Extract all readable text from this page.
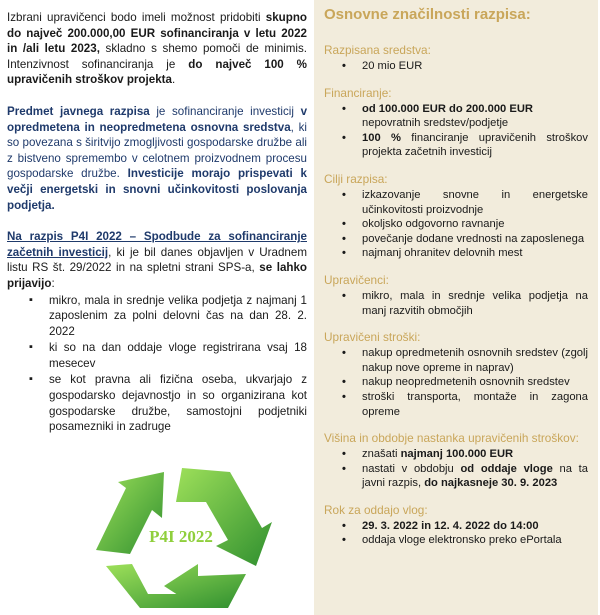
Izbrani upravičenci bodo imeli možnost pridobiti skupno do največ 200.000,00 EUR sofinanciranja v letu 2022 in /ali letu 2023, skladno s shemo pomoči de minimis. Intenzivnost sofinanciranja je do največ 100 % upravičenih stroškov projekta.

Predmet javnega razpisa je sofinanciranje investicij v opredmetena in neopredmetena osnovna sredstva, ki so povezana s širitvijo zmogljivosti gospodarske družbe ali z bistveno spremembo v celotnem proizvodnem procesu gospodarske družbe. Investicije morajo prispevati k večji energetski in snovni učinkovitosti poslovanja podjetja.

Na razpis P4I 2022 – Spodbude za sofinanciranje začetnih investicij, ki je bil danes objavljen v Uradnem listu RS št. 29/2022 in na spletni strani SPS-a, se lahko prijavijo:

▪ mikro, mala in srednje velika podjetja z najmanj 1 zaposlenim za polni delovni čas na dan 28. 2. 2022
▪ ki so na dan oddaje vloge registrirana vsaj 18 mesecev
▪ se kot pravna ali fizična oseba, ukvarjajo z gospodarsko dejavnostjo in so organizirana kot gospodarske družbe, samostojni podjetniki posamezniki in zadruge
P4I 2022
Osnovne značilnosti razpisa:
Razpisana sredstva:
• 20 mio EUR
Financiranje:
• od 100.000 EUR do 200.000 EUR
nepovratnih sredstev/podjetje
• 100 % financiranje upravičenih stroškov projekta začetnih investicij
Cilji razpisa:
• izkazovanje snovne in energetske učinkovitosti proizvodnje
• okoljsko odgovorno ravnanje
• povečanje dodane vrednosti na zaposlenega
• najmanj ohranitev delovnih mest
Upravičenci:
• mikro, mala in srednje velika podjetja na manj razvitih območjih
Upravičeni stroški:
• nakup opredmetenih osnovnih sredstev (zgolj nakup nove opreme in naprav)
• nakup neopredmetenih osnovnih sredstev
• stroški transporta, montaže in zagona opreme
Višina in obdobje nastanka upravičenih stroškov:
• znašati najmanj 100.000 EUR
• nastati v obdobju od oddaje vloge na ta javni razpis, do najkasneje 30. 9. 2023
Rok za oddajo vlog:
• 29. 3. 2022 in 12. 4. 2022 do 14:00
• oddaja vloge elektronsko preko ePortala
